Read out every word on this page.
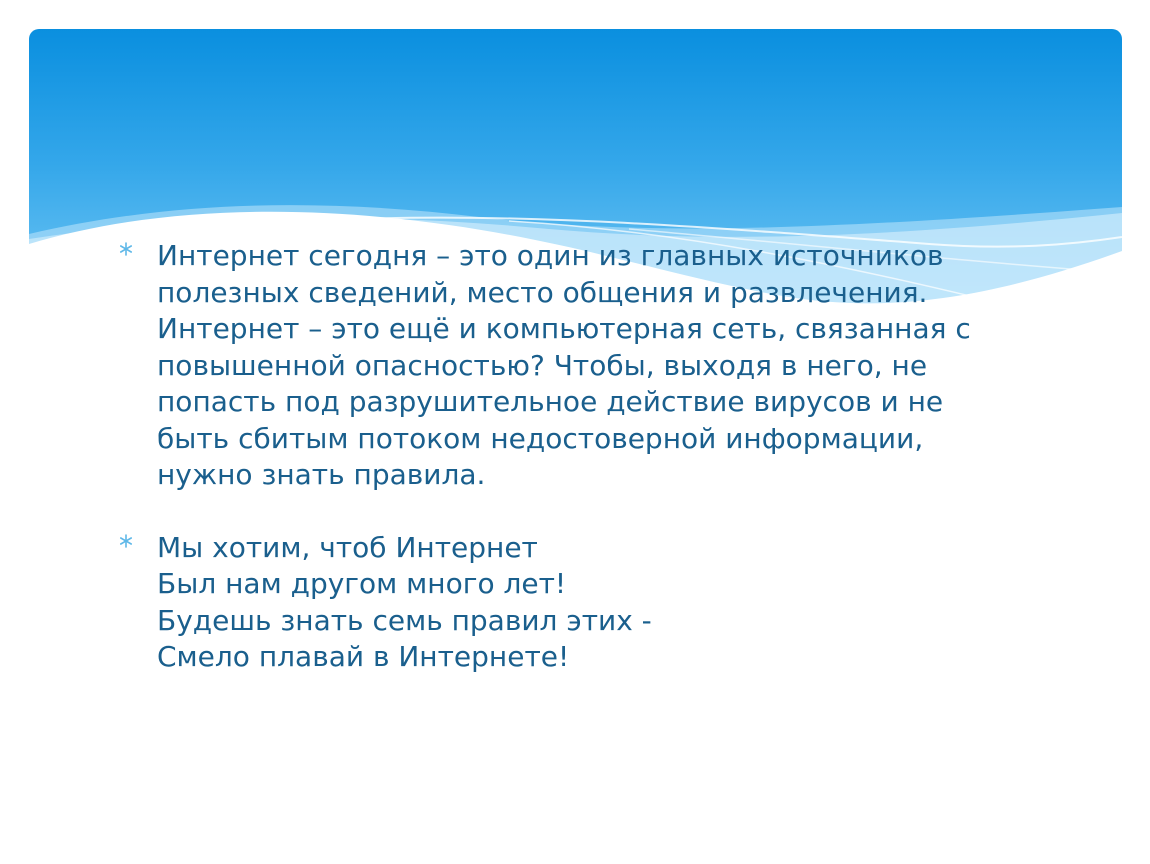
Интернет сегодня – это один из главных источников
полезных сведений, место общения и развлечения.
Интернет – это ещё и компьютерная сеть, связанная с
повышенной опасностью? Чтобы, выходя в него, не
попасть под разрушительное действие вирусов и не
быть сбитым потоком недостоверной информации,
нужно знать правила.
Мы хотим, чтоб Интернет
Был нам другом много лет!
Будешь знать семь правил этих -
Смело плавай в Интернете!
